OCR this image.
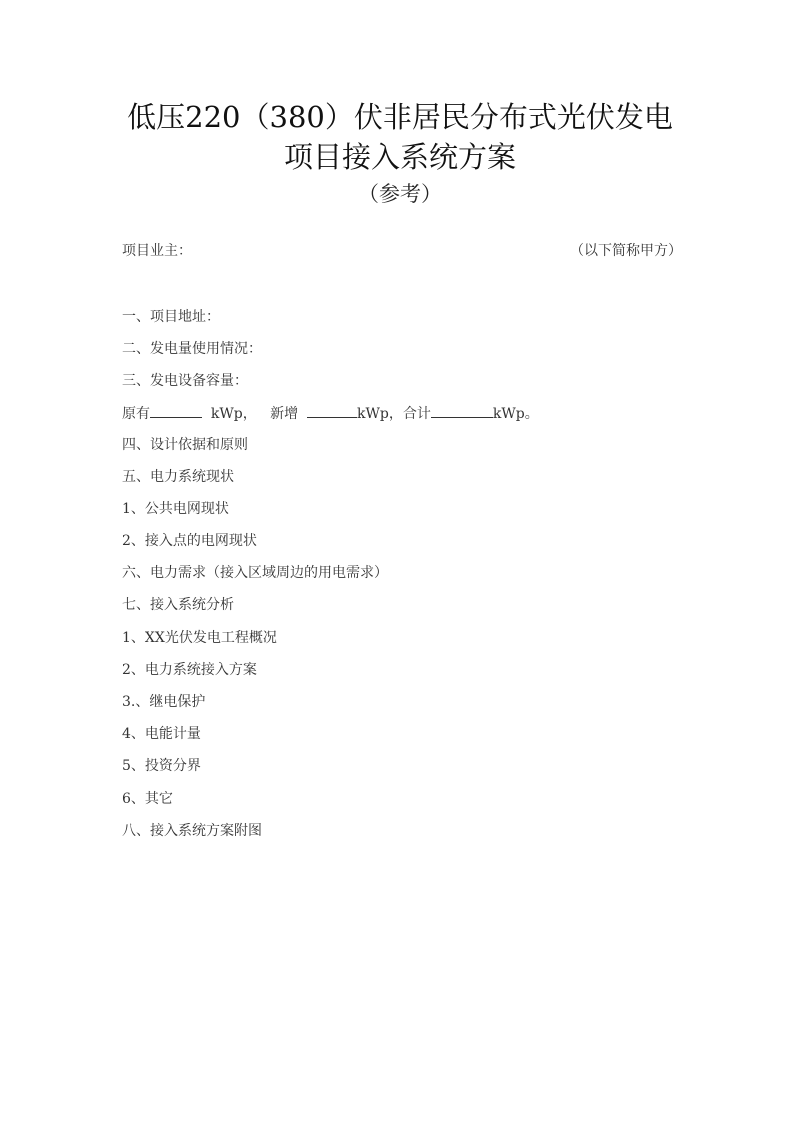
低压220（380）伏非居民分布式光伏发电
项目接入系统方案
（参考）
项目业主：	（以下简称甲方）
一、项目地址：
二、发电量使用情况：
三、发电设备容量：
原有	kWp， 新增	kWp，合计	kWp。
四、设计依据和原则
五、电力系统现状
1、公共电网现状
2、接入点的电网现状
六、电力需求（接入区域周边的用电需求）
七、接入系统分析
1、XX光伏发电工程概况
2、电力系统接入方案
3.、继电保护
4、电能计量
5、投资分界
6、其它
八、接入系统方案附图
